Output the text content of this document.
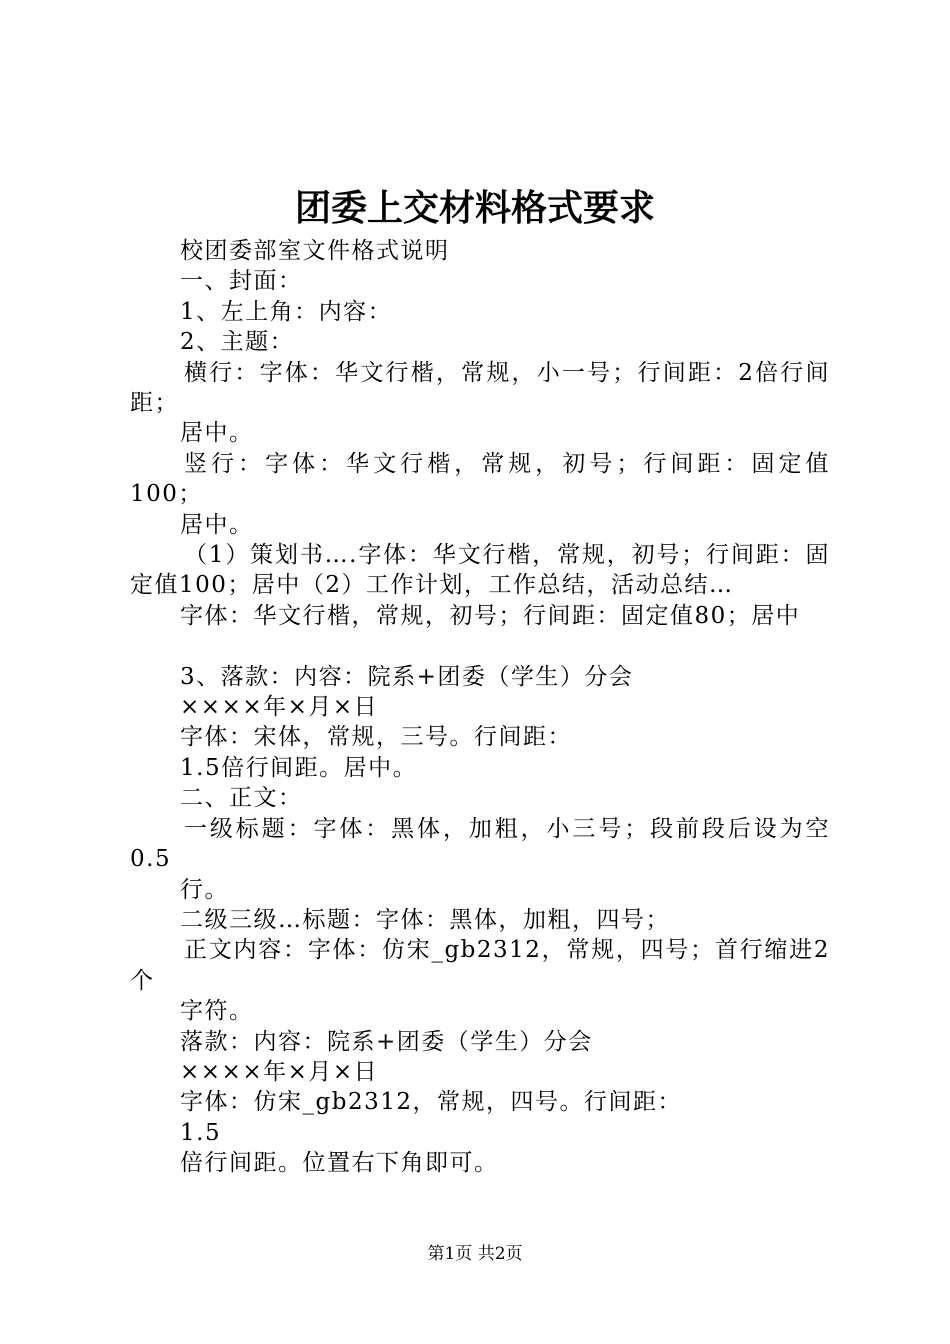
团委上交材料格式要求

校团委部室文件格式说明

一、封面：

1、左上角：内容：

2、主题：

横行：字体：华文行楷，常规，小一号；行间距：2倍行间距；

居中。

竖行：字体：华文行楷，常规，初号；行间距：固定值100；

居中。

（1）策划书….字体：华文行楷，常规，初号；行间距：固定值100；居中（2）工作计划，工作总结，活动总结…

字体：华文行楷，常规，初号；行间距：固定值80；居中

3、落款：内容：院系+团委（学生）分会

××××年×月×日

字体：宋体，常规，三号。行间距：

1.5倍行间距。居中。

二、正文：

一级标题：字体：黑体，加粗，小三号；段前段后设为空0.5

行。

二级三级…标题：字体：黑体，加粗，四号；

正文内容：字体：仿宋_gb2312，常规，四号；首行缩进2个

字符。

落款：内容：院系+团委（学生）分会

××××年×月×日

字体：仿宋_gb2312，常规，四号。行间距：

1.5

倍行间距。位置右下角即可。

第1页 共2页
